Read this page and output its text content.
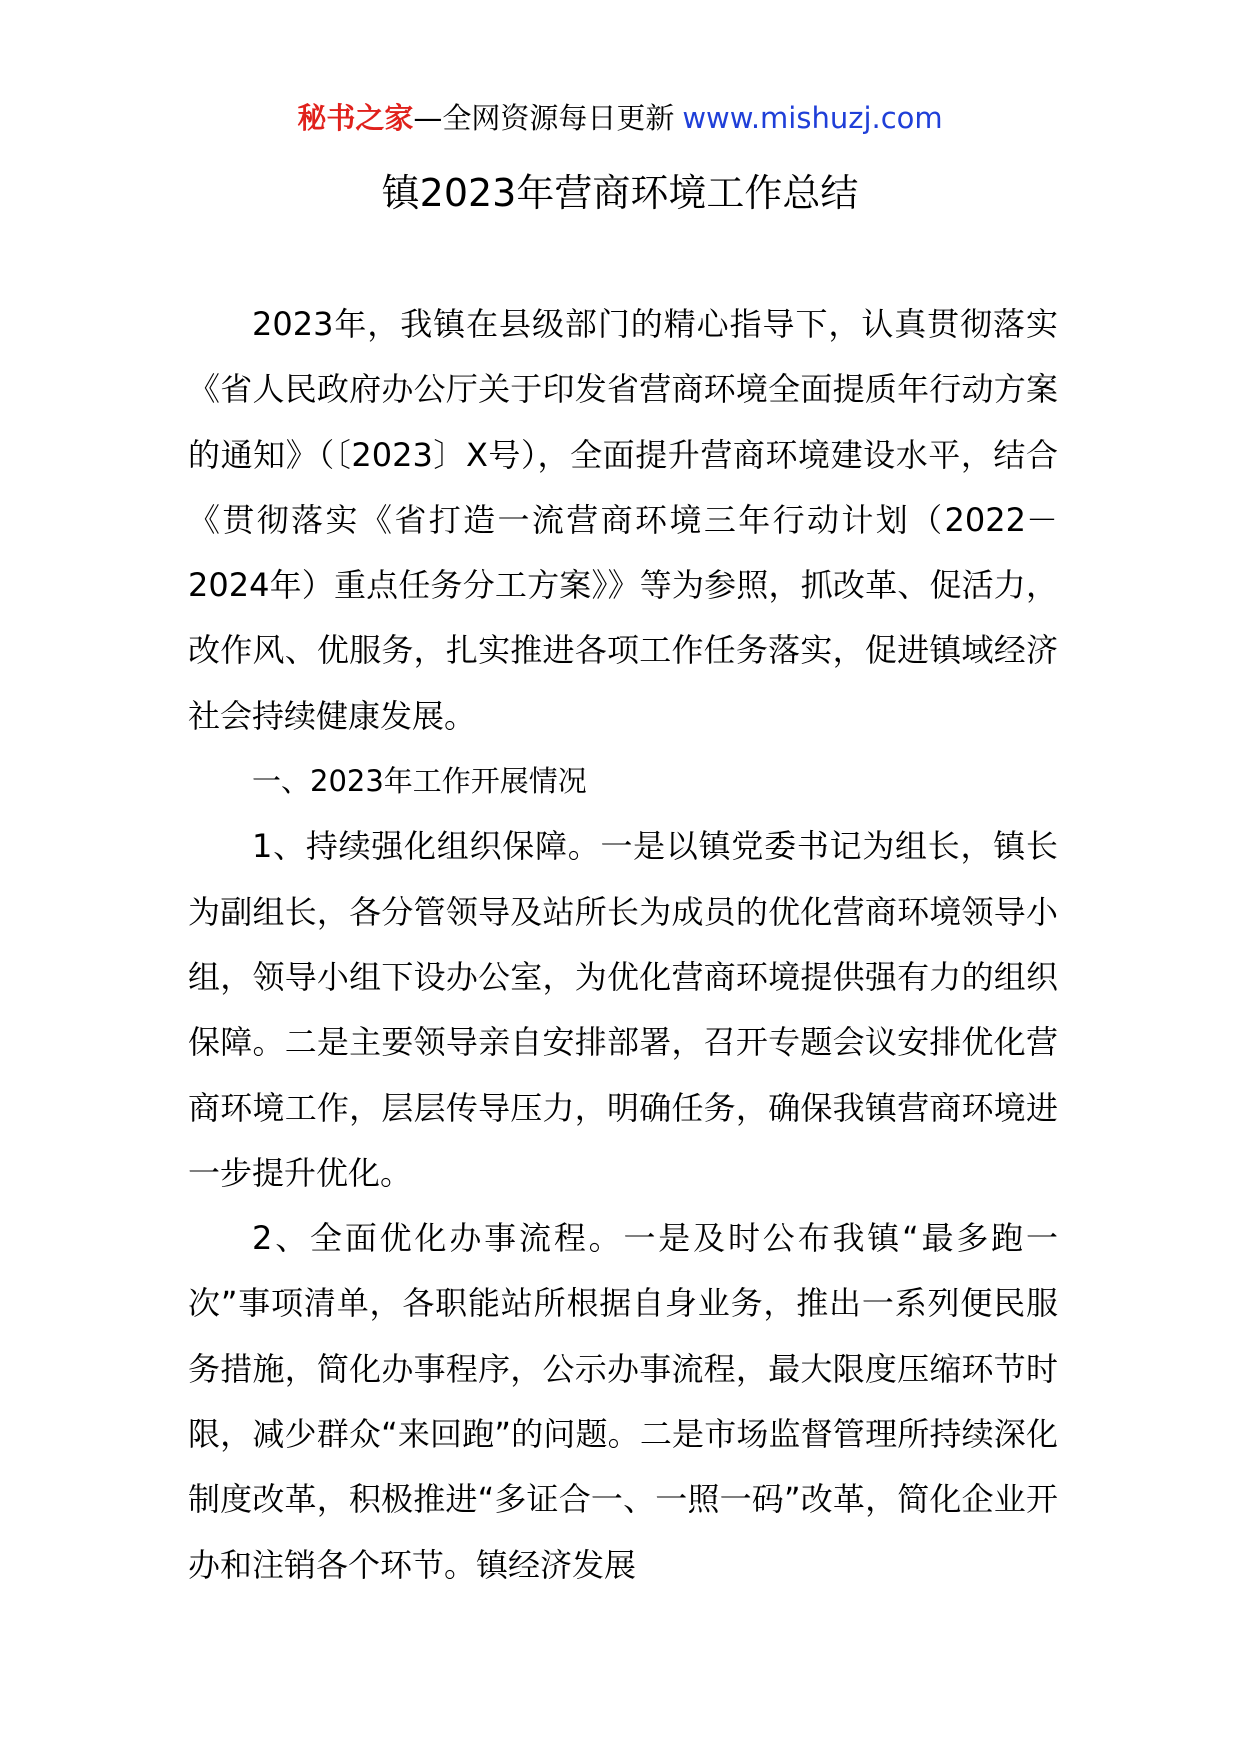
秘书之家—全网资源每日更新 www.mishuzj.com
镇2023年营商环境工作总结

2023年，我镇在县级部门的精心指导下，认真贯彻落实《省人民政府办公厅关于印发省营商环境全面提质年行动方案的通知》（〔2023〕X号），全面提升营商环境建设水平，结合《贯彻落实《省打造一流营商环境三年行动计划（2022－2024年）重点任务分工方案》》等为参照，抓改革、促活力，改作风、优服务，扎实推进各项工作任务落实，促进镇域经济社会持续健康发展。

一、2023年工作开展情况

1、持续强化组织保障。一是以镇党委书记为组长，镇长为副组长，各分管领导及站所长为成员的优化营商环境领导小组，领导小组下设办公室，为优化营商环境提供强有力的组织保障。二是主要领导亲自安排部署，召开专题会议安排优化营商环境工作，层层传导压力，明确任务，确保我镇营商环境进一步提升优化。

2、全面优化办事流程。一是及时公布我镇“最多跑一次”事项清单，各职能站所根据自身业务，推出一系列便民服务措施，简化办事程序，公示办事流程，最大限度压缩环节时限，减少群众“来回跑”的问题。二是市场监督管理所持续深化制度改革，积极推进“多证合一、一照一码”改革，简化企业开办和注销各个环节。镇经济发展
